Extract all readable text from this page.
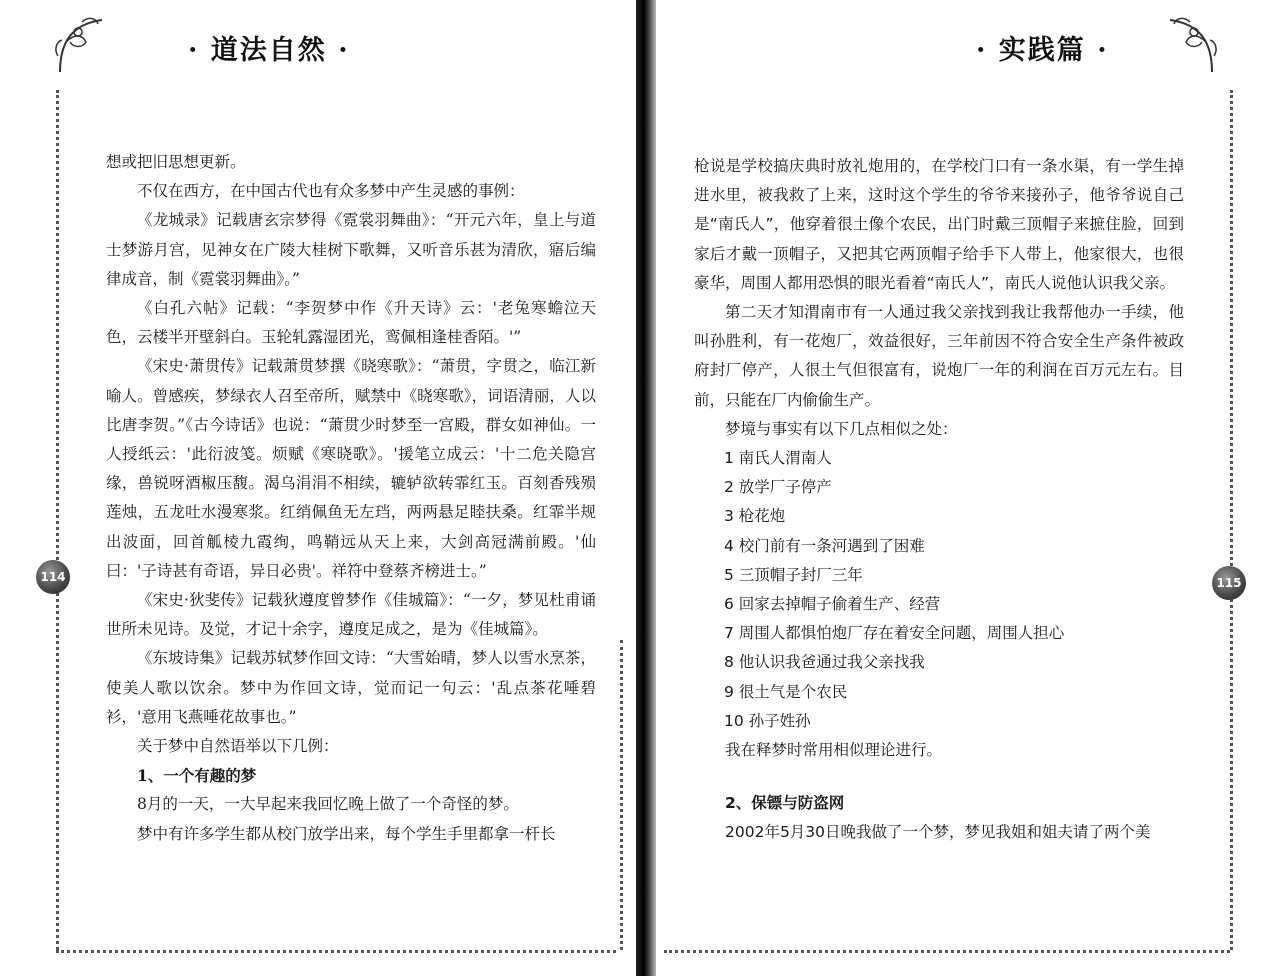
· 道法自然 ·
114

想或把旧思想更新。

不仅在西方，在中国古代也有众多梦中产生灵感的事例：

《龙城录》记载唐玄宗梦得《霓裳羽舞曲》：“开元六年，皇上与道士梦游月宫，见神女在广陵大桂树下歌舞，又听音乐甚为清欣，寤后编律成音，制《霓裳羽舞曲》。”

《白孔六帖》记载：“李贺梦中作《升天诗》云：'老兔寒蟾泣天色，云楼半开壁斜白。玉轮轧露湿团光，鸾佩相逢桂香陌。'”

《宋史·萧贯传》记载萧贯梦撰《晓寒歌》：“萧贯，字贯之，临江新喻人。曾感疾，梦绿衣人召至帝所，赋禁中《晓寒歌》，词语清丽，人以比唐李贺。”《古今诗话》也说：“萧贯少时梦至一宫殿，群女如神仙。一人授纸云：'此衍波笺。烦赋《寒晓歌》。'援笔立成云：'十二危关隐宫缘，兽锐呀酒椒压馥。渴乌涓涓不相续，辘轳欲转霏红玉。百刻香残殒莲烛，五龙吐水漫寒浆。红绡佩鱼无左珰，两两悬足睦扶桑。红霏半规出波面，回首觚棱九霞绚，鸣鞘远从天上来，大剑高冠满前殿。'仙曰：'子诗甚有奇语，异日必贵'。祥符中登蔡齐榜进士。”

《宋史·狄斐传》记载狄遵度曾梦作《佳城篇》：“一夕，梦见杜甫诵世所未见诗。及觉，才记十余字，遵度足成之，是为《佳城篇》。

《东坡诗集》记载苏轼梦作回文诗：“大雪始晴，梦人以雪水烹茶，使美人歌以饮余。梦中为作回文诗，觉而记一句云：'乱点茶花唾碧衫，'意用飞燕唾花故事也。”

关于梦中自然语举以下几例：

1、一个有趣的梦

8月的一天，一大早起来我回忆晚上做了一个奇怪的梦。

梦中有许多学生都从校门放学出来，每个学生手里都拿一杆长

· 实践篇 ·
115

枪说是学校搞庆典时放礼炮用的，在学校门口有一条水渠，有一学生掉进水里，被我救了上来，这时这个学生的爷爷来接孙子，他爷爷说自己是“南氏人”，他穿着很土像个农民，出门时戴三顶帽子来摭住脸，回到家后才戴一顶帽子，又把其它两顶帽子给手下人带上，他家很大，也很豪华，周围人都用恐惧的眼光看着“南氏人”，南氏人说他认识我父亲。

第二天才知渭南市有一人通过我父亲找到我让我帮他办一手续，他叫孙胜利，有一花炮厂，效益很好，三年前因不符合安全生产条件被政府封厂停产，人很土气但很富有，说炮厂一年的利润在百万元左右。目前，只能在厂内偷偷生产。

梦境与事实有以下几点相似之处：

1 南氏人渭南人

2 放学厂子停产

3 枪花炮

4 校门前有一条河遇到了困难

5 三顶帽子封厂三年

6 回家去掉帽子偷着生产、经营

7 周围人都惧怕炮厂存在着安全问题，周围人担心

8 他认识我爸通过我父亲找我

9 很土气是个农民

10 孙子姓孙

我在释梦时常用相似理论进行。

2、保镖与防盗网

2002年5月30日晚我做了一个梦，梦见我姐和姐夫请了两个美
